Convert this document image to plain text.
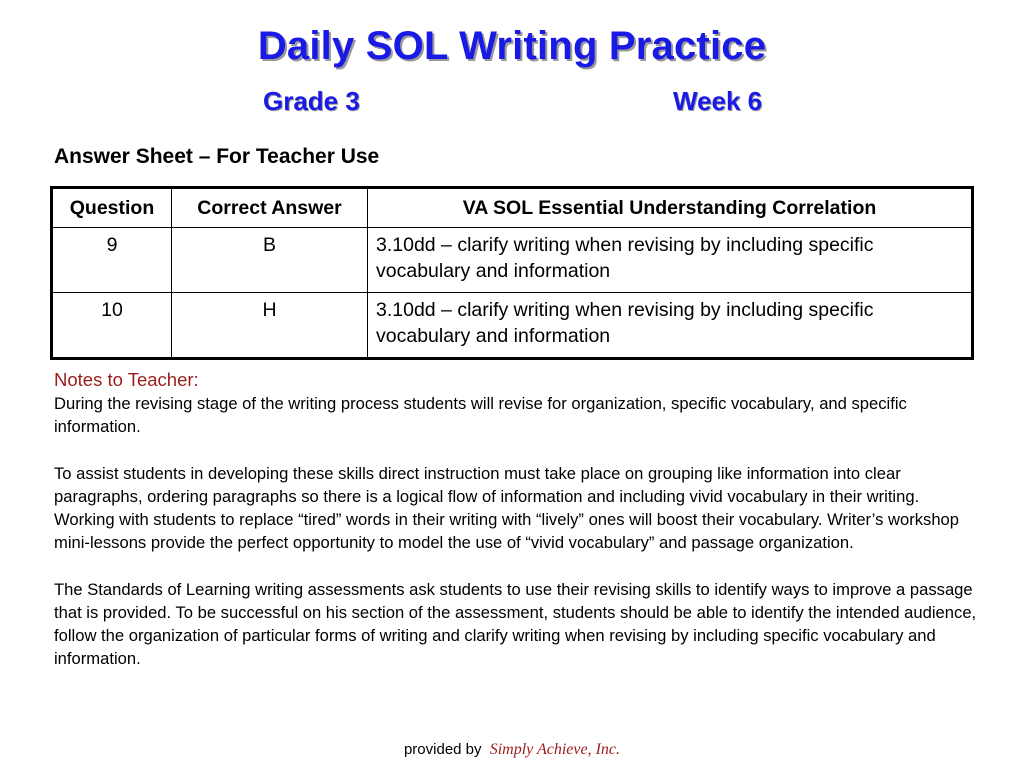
Daily SOL Writing Practice
Grade 3	Week 6
Answer Sheet – For Teacher Use
Question	Correct Answer	VA SOL Essential Understanding Correlation
9	B	3.10dd – clarify writing when revising by including specific vocabulary and information
10	H	3.10dd – clarify writing when revising by including specific vocabulary and information
Notes to Teacher:

During the revising stage of the writing process students will revise for organization, specific vocabulary, and specific information.

To assist students in developing these skills direct instruction must take place on grouping like information into clear paragraphs, ordering paragraphs so there is a logical flow of information and including vivid vocabulary in their writing. Working with students to replace “tired” words in their writing with “lively” ones will boost their vocabulary. Writer’s workshop mini-lessons provide the perfect opportunity to model the use of “vivid vocabulary” and passage organization.

The Standards of Learning writing assessments ask students to use their revising skills to identify ways to improve a passage that is provided. To be successful on his section of the assessment, students should be able to identify the intended audience, follow the organization of particular forms of writing and clarify writing when revising by including specific vocabulary and information.

provided by Simply Achieve, Inc.
